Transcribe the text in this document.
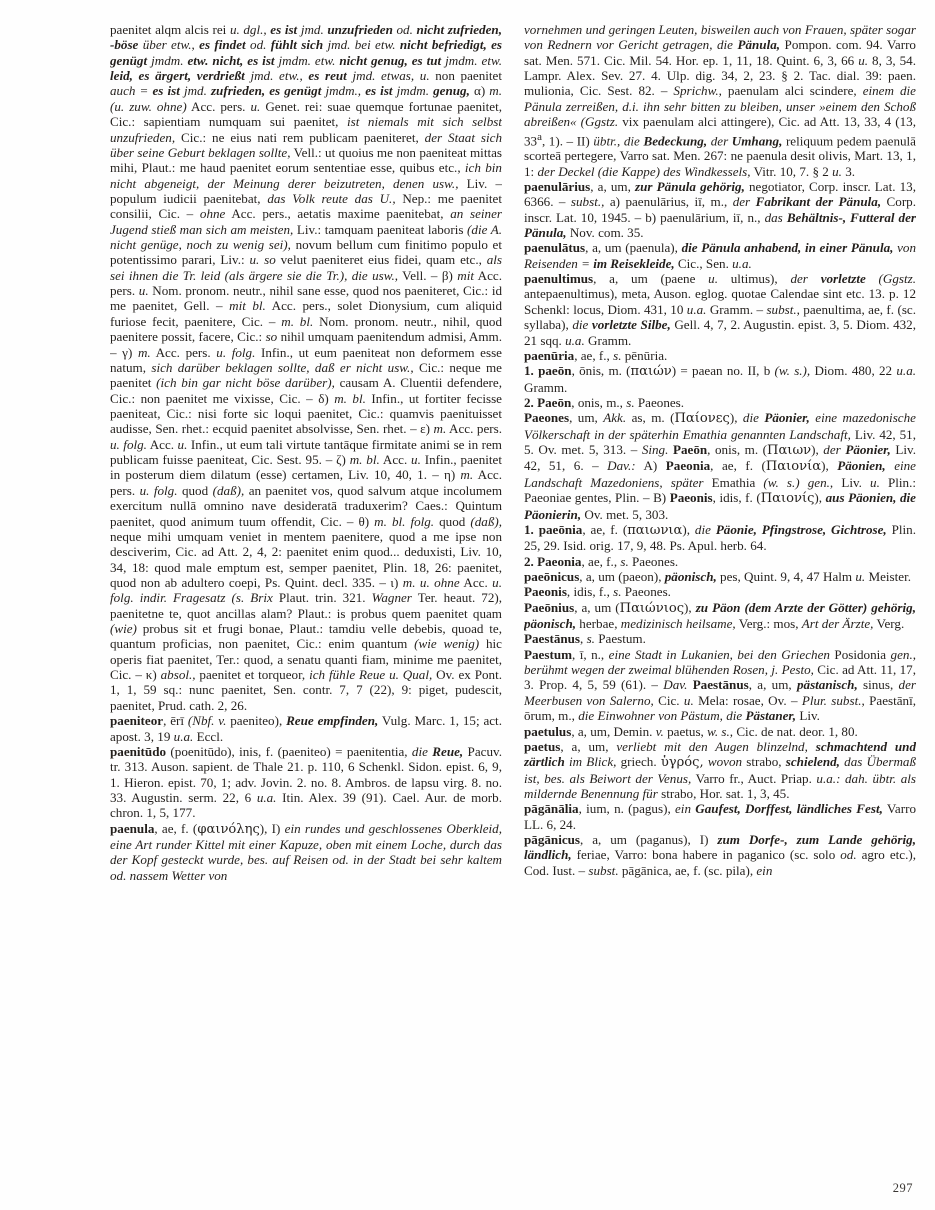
paenitet alqm alcis rei u. dgl., es ist jmd. unzufrieden od. nicht zufrieden, -böse über etw., es findet od. fühlt sich jmd. bei etw. nicht befriedigt, es genügt jmdm. etw. nicht, es ist jmdm. etw. nicht genug, es tut jmdm. etw. leid, es ärgert, verdrießt jmd. etw., es reut jmd. etwas, u. non paenitet auch = es ist jmd. zufrieden, es genügt jmdm., es ist jmdm. genug, α) m. (u. zuw. ohne) Acc. pers. u. Genet. rei: suae quemque fortunae paenitet, Cic.: sapientiam numquam sui paenitet, ist niemals mit sich selbst unzufrieden, Cic.: ne eius nati rem publicam paeniteret, der Staat sich über seine Geburt beklagen sollte, Vell.: ut quoius me non paeniteat mittas mihi, Plaut.: me haud paenitet eorum sententiae esse, quibus etc., ich bin nicht abgeneigt, der Meinung derer beizutreten, denen usw., Liv. – populum iudicii paenitebat, das Volk reute das U., Nep.: me paenitet consilii, Cic. – ohne Acc. pers., aetatis maxime paenitebat, an seiner Jugend stieß man sich am meisten, Liv.: tamquam paeniteat laboris (die A. nicht genüge, noch zu wenig sei), novum bellum cum finitimo populo et potentissimo parari, Liv.: u. so velut paeniteret eius fidei, quam etc., als sei ihnen die Tr. leid (als ärgere sie die Tr.), die usw., Vell. – β) mit Acc. pers. u. Nom. pronom. neutr., nihil sane esse, quod nos paeniteret, Cic.: id me paenitet, Gell. – mit bl. Acc. pers., solet Dionysium, cum aliquid furiose fecit, paenitere, Cic. – m. bl. Nom. pronom. neutr., nihil, quod paenitere possit, facere, Cic.: so nihil umquam paenitendum admisi, Amm. – γ) m. Acc. pers. u. folg. Infin., ut eum paeniteat non deformem esse natum, sich darüber beklagen sollte, daß er nicht usw., Cic.: neque me paenitet (ich bin gar nicht böse darüber), causam A. Cluentii defendere, Cic.: non paenitet me vixisse, Cic. – δ) m. bl. Infin., ut fortiter fecisse paeniteat, Cic.: nisi forte sic loqui paenitet, Cic.: quamvis paenituisset audisse, Sen. rhet.: ecquid paenitet absolvisse, Sen. rhet. – ε) m. Acc. pers. u. folg. Acc. u. Infin., ut eum tali virtute tantāque firmitate animi se in rem publicam fuisse paeniteat, Cic. Sest. 95. – ζ) m. bl. Acc. u. Infin., paenitet in posterum diem dilatum (esse) certamen, Liv. 10, 40, 1. – η) m. Acc. pers. u. folg. quod (daß), an paenitet vos, quod salvum atque incolumem exercitum nullā omnino nave desideratā traduxerim? Caes.: Quintum paenitet, quod animum tuum offendit, Cic. – θ) m. bl. folg. quod (daß), neque mihi umquam veniet in mentem paenitere, quod a me ipse non desciverim, Cic. ad Att. 2, 4, 2: paenitet enim quod... deduxisti, Liv. 10, 34, 18: quod male emptum est, semper paenitet, Plin. 18, 26: paenitet, quod non ab adultero coepi, Ps. Quint. decl. 335. – ι) m. u. ohne Acc. u. folg. indir. Fragesatz (s. Brix Plaut. trin. 321. Wagner Ter. heaut. 72), paenitetne te, quot ancillas alam? Plaut.: is probus quem paenitet quam (wie) probus sit et frugi bonae, Plaut.: tamdiu velle debebis, quoad te, quantum proficias, non paenitet, Cic.: enim quantum (wie wenig) hic operis fiat paenitet, Ter.: quod, a senatu quanti fiam, minime me paenitet, Cic. – κ) absol., paenitet et torqueor, ich fühle Reue u. Qual, Ov. ex Pont. 1, 1, 59 sq.: nunc paenitet, Sen. contr. 7, 7 (22), 9: piget, pudescit, paenitet, Prud. cath. 2, 26.

paeniteor, ērī (Nbf. v. paeniteo), Reue empfinden, Vulg. Marc. 1, 15; act. apost. 3, 19 u.a. Eccl.

paenitūdo (poenitūdo), inis, f. (paeniteo) = paenitentia, die Reue, Pacuv. tr. 313. Auson. sapient. de Thale 21. p. 110, 6 Schenkl. Sidon. epist. 6, 9, 1. Hieron. epist. 70, 1; adv. Jovin. 2. no. 8. Ambros. de lapsu virg. 8. no. 33. Augustin. serm. 22, 6 u.a. Itin. Alex. 39 (91). Cael. Aur. de morb. chron. 1, 5, 177.

paenula, ae, f. (φαινόλης), I) ein rundes und geschlossenes Oberkleid, eine Art runder Kittel mit einer Kapuze, oben mit einem Loche, durch das der Kopf gesteckt wurde, bes. auf Reisen od. in der Stadt bei sehr kaltem od. nassem Wetter von

vornehmen und geringen Leuten, bisweilen auch von Frauen, später sogar von Rednern vor Gericht getragen, die Pänula, Pompon. com. 94. Varro sat. Men. 571. Cic. Mil. 54. Hor. ep. 1, 11, 18. Quint. 6, 3, 66 u. 8, 3, 54. Lampr. Alex. Sev. 27. 4. Ulp. dig. 34, 2, 23. § 2. Tac. dial. 39: paen. mulionia, Cic. Sest. 82. – Sprichw., paenulam alci scindere, einem die Pänula zerreißen, d.i. ihn sehr bitten zu bleiben, unser »einem den Schoß abreißen« (Ggstz. vix paenulam alci attingere), Cic. ad Att. 13, 33, 4 (13, 33$^a$, 1). – II) übtr., die Bedeckung, der Umhang, reliquum pedem paenulā scorteā pertegere, Varro sat. Men. 267: ne paenula desit olivis, Mart. 13, 1, 1: der Deckel (die Kappe) des Windkessels, Vitr. 10, 7. § 2 u. 3.

paenulārius, a, um, zur Pänula gehörig, negotiator, Corp. inscr. Lat. 13, 6366. – subst., a) paenulārius, iī, m., der Fabrikant der Pänula, Corp. inscr. Lat. 10, 1945. – b) paenulārium, iī, n., das Behältnis-, Futteral der Pänula, Nov. com. 35.

paenulātus, a, um (paenula), die Pänula anhabend, in einer Pänula, von Reisenden = im Reisekleide, Cic., Sen. u.a.

paenultimus, a, um (paene u. ultimus), der vorletzte (Ggstz. antepaenultimus), meta, Auson. eglog. quotae Calendae sint etc. 13. p. 12 Schenkl: locus, Diom. 431, 10 u.a. Gramm. – subst., paenultima, ae, f. (sc. syllaba), die vorletzte Silbe, Gell. 4, 7, 2. Augustin. epist. 3, 5. Diom. 432, 21 sqq. u.a. Gramm.

paenūria, ae, f., s. pēnūria.

1. paeōn, ōnis, m. (παιών) = paean no. II, b (w. s.), Diom. 480, 22 u.a. Gramm.

2. Paeōn, onis, m., s. Paeones.

Paeones, um, Akk. as, m. (Παίονες), die Päonier, eine mazedonische Völkerschaft in der späterhin Emathia genannten Landschaft, Liv. 42, 51, 5. Ov. met. 5, 313. – Sing. Paeōn, onis, m. (Παιων), der Päonier, Liv. 42, 51, 6. – Dav.: A) Paeonia, ae, f. (Παιονία), Päonien, eine Landschaft Mazedoniens, später Emathia (w. s.) gen., Liv. u. Plin.: Paeoniae gentes, Plin. – B) Paeonis, idis, f. (Παιονίς), aus Päonien, die Päonierin, Ov. met. 5, 303.

1. paeōnia, ae, f. (παιωνια), die Päonie, Pfingstrose, Gichtrose, Plin. 25, 29. Isid. orig. 17, 9, 48. Ps. Apul. herb. 64.

2. Paeonia, ae, f., s. Paeones.

paeōnicus, a, um (paeon), päonisch, pes, Quint. 9, 4, 47 Halm u. Meister.

Paeonis, idis, f., s. Paeones.

Paeōnius, a, um (Παιώνιος), zu Päon (dem Arzte der Götter) gehörig, päonisch, herbae, medizinisch heilsame, Verg.: mos, Art der Ärzte, Verg.

Paestānus, s. Paestum.

Paestum, ī, n., eine Stadt in Lukanien, bei den Griechen Posidonia gen., berühmt wegen der zweimal blühenden Rosen, j. Pesto, Cic. ad Att. 11, 17, 3. Prop. 4, 5, 59 (61). – Dav. Paestānus, a, um, pästanisch, sinus, der Meerbusen von Salerno, Cic. u. Mela: rosae, Ov. – Plur. subst., Paestānī, ōrum, m., die Einwohner von Pästum, die Pästaner, Liv.

paetulus, a, um, Demin. v. paetus, w. s., Cic. de nat. deor. 1, 80.

paetus, a, um, verliebt mit den Augen blinzelnd, schmachtend und zärtlich im Blick, griech. ὑγρός, wovon strabo, schielend, das Übermaß ist, bes. als Beiwort der Venus, Varro fr., Auct. Priap. u.a.: dah. übtr. als mildernde Benennung für strabo, Hor. sat. 1, 3, 45.

pāgānālia, ium, n. (pagus), ein Gaufest, Dorffest, ländliches Fest, Varro LL. 6, 24.

pāgānicus, a, um (paganus), I) zum Dorfe-, zum Lande gehörig, ländlich, feriae, Varro: bona habere in paganico (sc. solo od. agro etc.), Cod. Iust. – subst. pāgānica, ae, f. (sc. pila), ein

297
